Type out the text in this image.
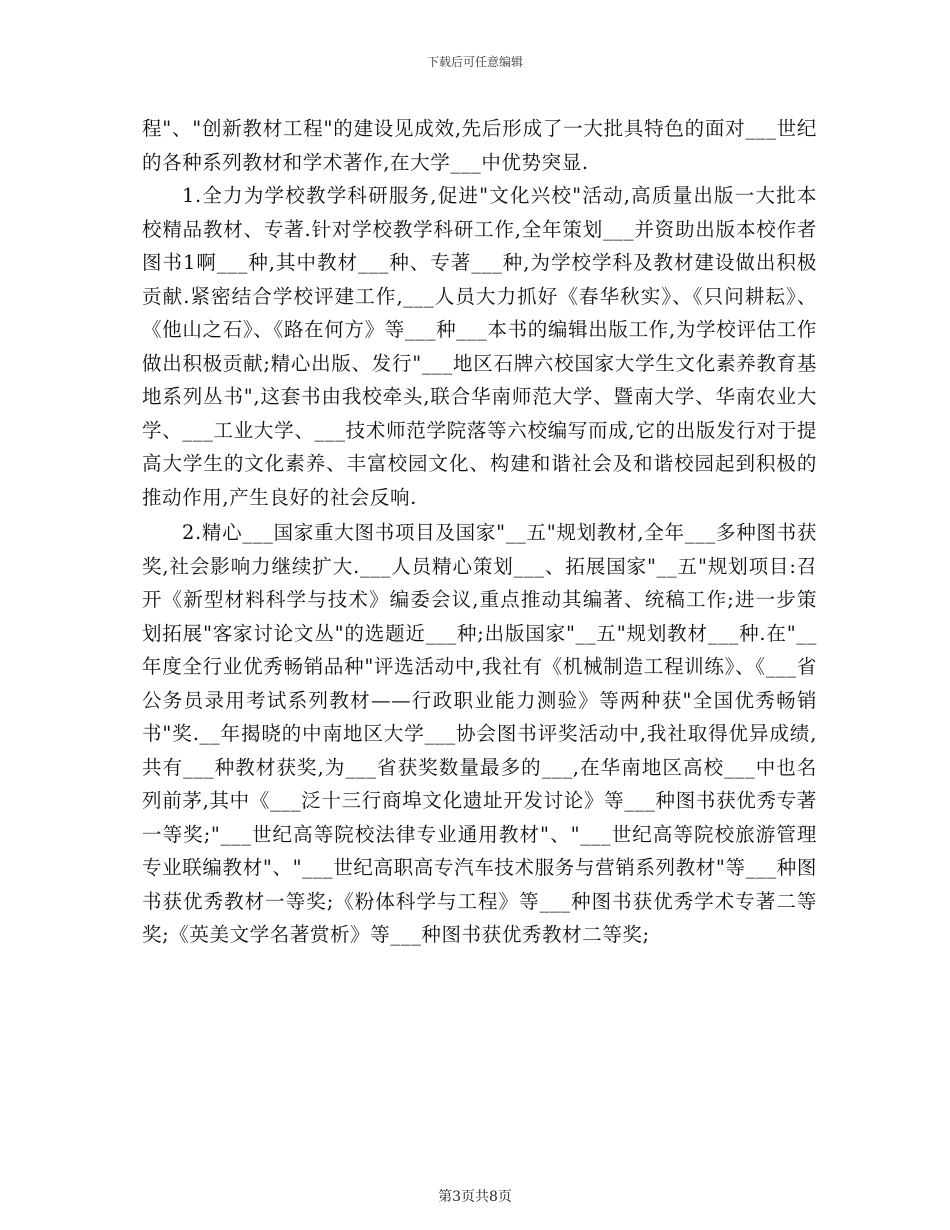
下载后可任意编辑

程"、"创新教材工程"的建设见成效,先后形成了一大批具特色的面对___世纪的各种系列教材和学术著作,在大学___中优势突显.

1.全力为学校教学科研服务,促进"文化兴校"活动,高质量出版一大批本校精品教材、专著.针对学校教学科研工作,全年策划___并资助出版本校作者图书1啊___种,其中教材___种、专著___种,为学校学科及教材建设做出积极贡献.紧密结合学校评建工作,___人员大力抓好《春华秋实》、《只问耕耘》、《他山之石》、《路在何方》等___种___本书的编辑出版工作,为学校评估工作做出积极贡献;精心出版、发行"___地区石牌六校国家大学生文化素养教育基地系列丛书",这套书由我校牵头,联合华南师范大学、暨南大学、华南农业大学、___工业大学、___技术师范学院落等六校编写而成,它的出版发行对于提高大学生的文化素养、丰富校园文化、构建和谐社会及和谐校园起到积极的推动作用,产生良好的社会反响.

2.精心___国家重大图书项目及国家"__五"规划教材,全年___多种图书获奖,社会影响力继续扩大.___人员精心策划___、拓展国家"__五"规划项目:召开《新型材料科学与技术》编委会议,重点推动其编著、统稿工作;进一步策划拓展"客家讨论文丛"的选题近___种;出版国家"__五"规划教材___种.在"__年度全行业优秀畅销品种"评选活动中,我社有《机械制造工程训练》、《___省公务员录用考试系列教材——行政职业能力测验》等两种获"全国优秀畅销书"奖.__年揭晓的中南地区大学___协会图书评奖活动中,我社取得优异成绩,共有___种教材获奖,为___省获奖数量最多的___,在华南地区高校___中也名列前茅,其中《___泛十三行商埠文化遗址开发讨论》等___种图书获优秀专著一等奖;"___世纪高等院校法律专业通用教材"、"___世纪高等院校旅游管理专业联编教材"、"___世纪高职高专汽车技术服务与营销系列教材"等___种图书获优秀教材一等奖;《粉体科学与工程》等___种图书获优秀学术专著二等奖;《英美文学名著赏析》等___种图书获优秀教材二等奖;

第3页共8页
